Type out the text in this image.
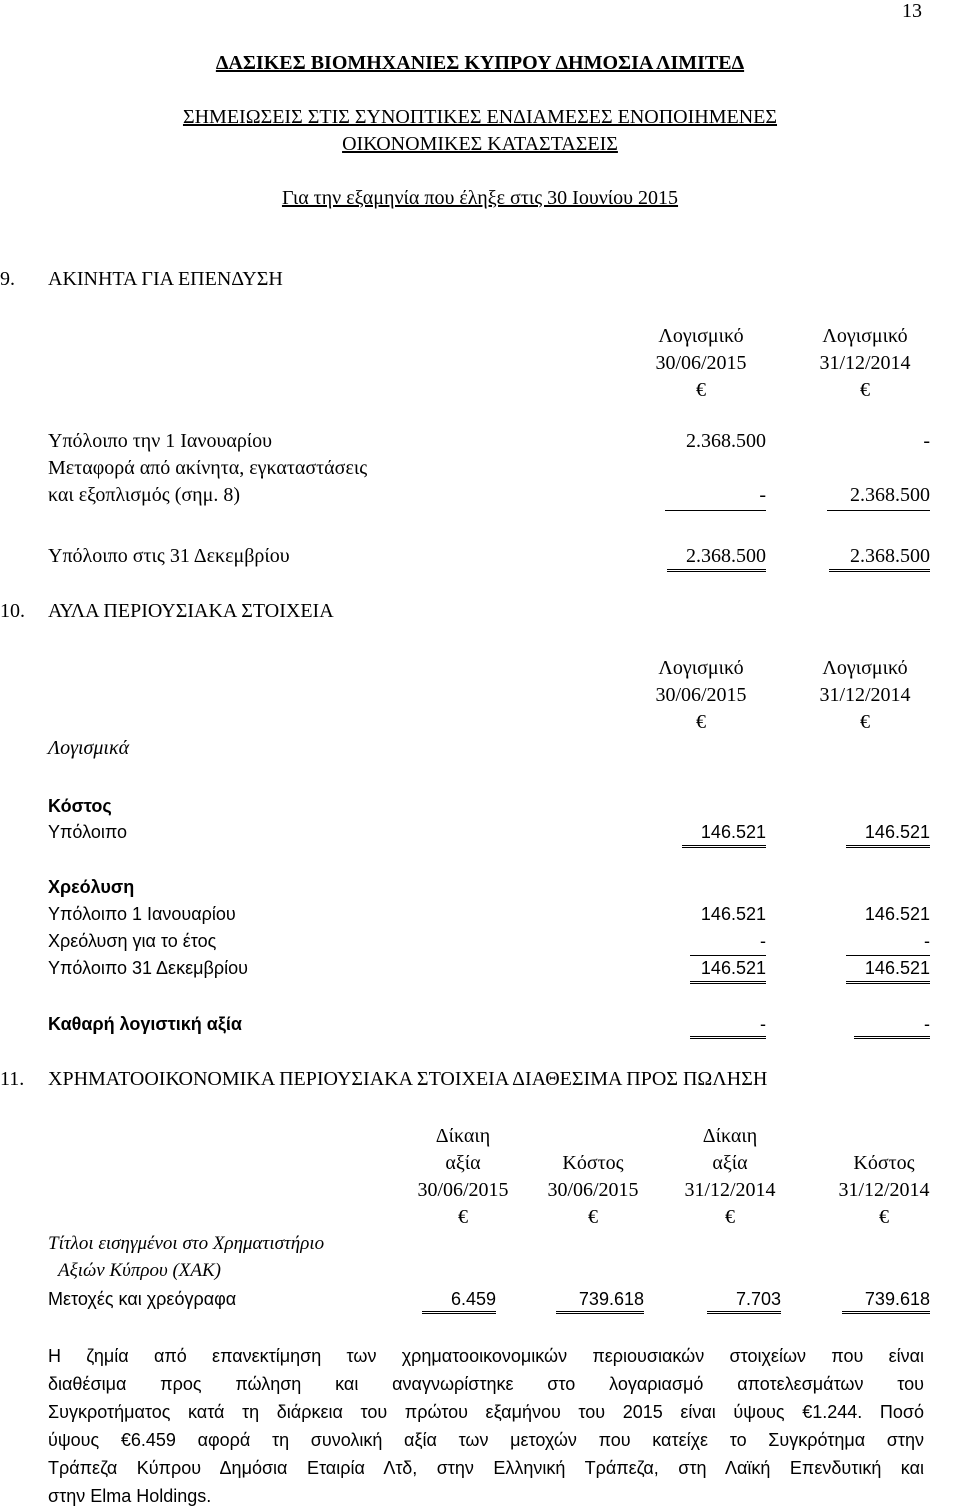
13
ΔΑΣΙΚΕΣ ΒΙΟΜΗΧΑΝΙΕΣ ΚΥΠΡΟΥ ΔΗΜΟΣΙΑ ΛΙΜΙΤΕΔ
ΣΗΜΕΙΩΣΕΙΣ ΣΤΙΣ ΣΥΝΟΠΤΙΚΕΣ ΕΝΔΙΑΜΕΣΕΣ ΕΝΟΠΟΙΗΜΕΝΕΣ
ΟΙΚΟΝΟΜΙΚΕΣ ΚΑΤΑΣΤΑΣΕΙΣ
Για την εξαμηνία που έληξε στις 30 Ιουνίου 2015
9. ΑΚΙΝΗΤΑ ΓΙΑ ΕΠΕΝΔΥΣΗ
Λογισμικό
30/06/2015
€
Λογισμικό
31/12/2014
€
Υπόλοιπο την 1 Ιανουαρίου	2.368.500	-
Μεταφορά από ακίνητα, εγκαταστάσεις
και εξοπλισμός (σημ. 8)	-	2.368.500
Υπόλοιπο στις 31 Δεκεμβρίου	2.368.500	2.368.500
10. ΑΥΛΑ ΠΕΡΙΟΥΣΙΑΚΑ ΣΤΟΙΧΕΙΑ
Λογισμικό
30/06/2015
€
Λογισμικό
31/12/2014
€
Λογισμικά
Κόστος
Υπόλοιπο	146.521	146.521
Χρεόλυση
Υπόλοιπο 1 Ιανουαρίου	146.521	146.521
Χρεόλυση για το έτος	-	-
Υπόλοιπο 31 Δεκεμβρίου	146.521	146.521
Καθαρή λογιστική αξία	-	-
11. ΧΡΗΜΑΤΟΟΙΚΟΝΟΜΙΚΑ ΠΕΡΙΟΥΣΙΑΚΑ ΣΤΟΙΧΕΙΑ ΔΙΑΘΕΣΙΜΑ ΠΡΟΣ ΠΩΛΗΣΗ
Δίκαιη
αξία
30/06/2015
€
Κόστος
30/06/2015
€
Δίκαιη
αξία
31/12/2014
€
Κόστος
31/12/2014
€
Τίτλοι εισηγμένοι στο Χρηματιστήριο
Αξιών Κύπρου (ΧΑΚ)
Μετοχές και χρεόγραφα	6.459	739.618	7.703	739.618
Η ζημία από επανεκτίμηση των χρηματοοικονομικών περιουσιακών στοιχείων που είναι
διαθέσιμα προς πώληση και αναγνωρίστηκε στο λογαριασμό αποτελεσμάτων του
Συγκροτήματος κατά τη διάρκεια του πρώτου εξαμήνου του 2015 είναι ύψους €1.244. Ποσό
ύψους €6.459 αφορά τη συνολική αξία των μετοχών που κατείχε το Συγκρότημα στην
Τράπεζα Κύπρου Δημόσια Εταιρία Λτδ, στην Ελληνική Τράπεζα, στη Λαϊκή Επενδυτική και
στην Elma Holdings.
